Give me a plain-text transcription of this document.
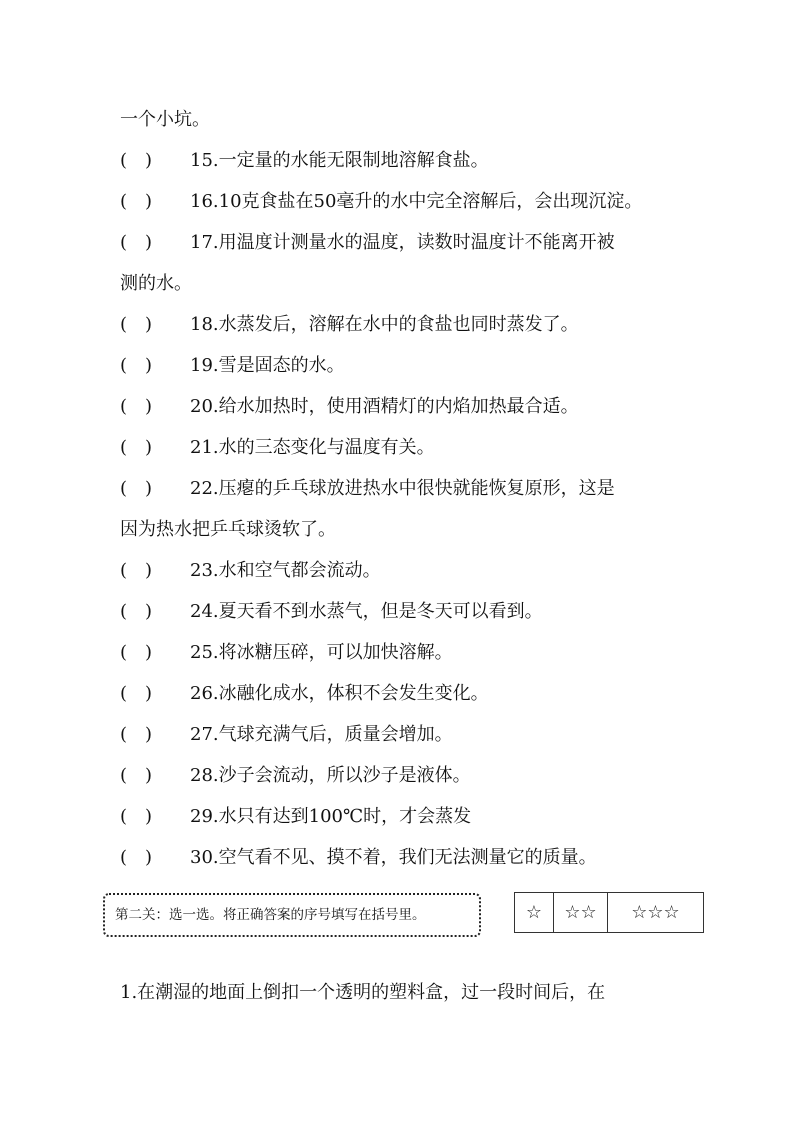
一个小坑。
(　)	15.一定量的水能无限制地溶解食盐。
(　)	16.10克食盐在50毫升的水中完全溶解后，会出现沉淀。
(　)	17.用温度计测量水的温度，读数时温度计不能离开被
测的水。
(　)	18.水蒸发后，溶解在水中的食盐也同时蒸发了。
(　)	19.雪是固态的水。
(　)	20.给水加热时，使用酒精灯的内焰加热最合适。
(　)	21.水的三态变化与温度有关。
(　)	22.压瘪的乒乓球放进热水中很快就能恢复原形，这是
因为热水把乒乓球烫软了。
(　)	23.水和空气都会流动。
(　)	24.夏天看不到水蒸气，但是冬天可以看到。
(　)	25.将冰糖压碎，可以加快溶解。
(　)	26.冰融化成水，体积不会发生变化。
(　)	27.气球充满气后，质量会增加。
(　)	28.沙子会流动，所以沙子是液体。
(　)	29.水只有达到100℃时，才会蒸发
(　)	30.空气看不见、摸不着，我们无法测量它的质量。
第二关：选一选。将正确答案的序号填写在括号里。	☆ ☆☆ ☆☆☆
1.在潮湿的地面上倒扣一个透明的塑料盒，过一段时间后，在
